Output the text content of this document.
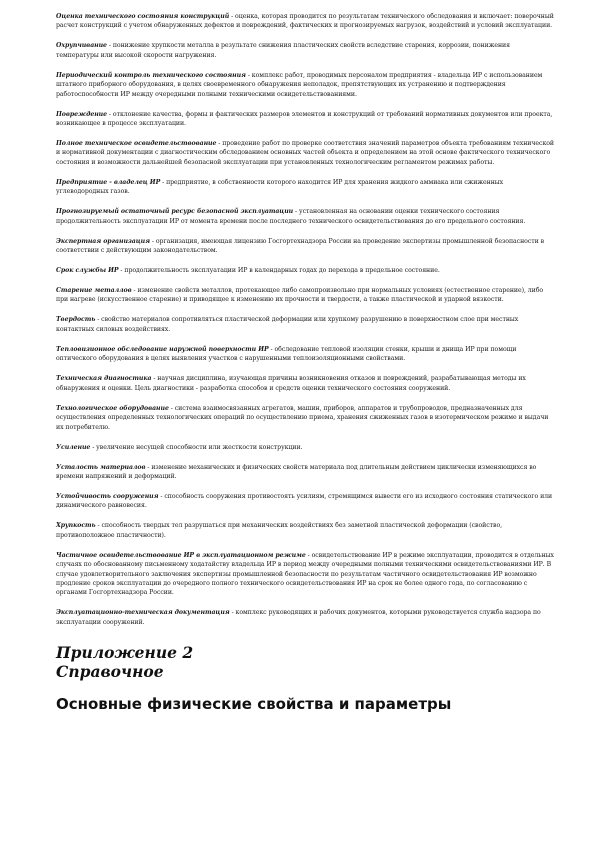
Оценка технического состояния конструкций - оценка, которая проводится по результатам технического обследования и включает: поверочный расчет конструкций с учетом обнаруженных дефектов и повреждений, фактических и прогнозируемых нагрузок, воздействий и условий эксплуатации.

Охрупчивание - понижение хрупкости металла в результате снижения пластических свойств вследствие старения, коррозии, понижения температуры или высокой скорости нагружения.

Периодический контроль технического состояния - комплекс работ, проводимых персоналом предприятия - владельца ИР с использованием штатного приборного оборудования, в целях своевременного обнаружения неполадок, препятствующих их устранению и подтверждения работоспособности ИР между очередными полными техническими освидетельствованиями.

Повреждение - отклонение качества, формы и фактических размеров элементов и конструкций от требований нормативных документов или проекта, возникающее в процессе эксплуатации.

Полное техническое освидетельствование - проведение работ по проверке соответствия значений параметров объекта требованиям технической и нормативной документации с диагностическим обследованием основных частей объекта и определением на этой основе фактического технического состояния и возможности дальнейшей безопасной эксплуатации при установленных технологическим регламентом режимах работы.

Предприятие - владелец ИР - предприятие, в собственности которого находится ИР для хранения жидкого аммиака или сжиженных углеводородных газов.

Прогнозируемый остаточный ресурс безопасной эксплуатации - установленная на основании оценки технического состояния продолжительность эксплуатации ИР от момента времени после последнего технического освидетельствования до его предельного состояния.

Экспертная организация - организация, имеющая лицензию Госгортехнадзора России на проведение экспертизы промышленной безопасности в соответствии с действующим законодательством.

Срок службы ИР - продолжительность эксплуатации ИР в календарных годах до перехода в предельное состояние.

Старение металлов - изменение свойств металлов, протекающее либо самопроизвольно при нормальных условиях (естественное старение), либо при нагреве (искусственное старение) и приводящее к изменению их прочности и твердости, а также пластической и ударной вязкости.

Твердость - свойство материалов сопротивляться пластической деформации или хрупкому разрушению в поверхностном слое при местных контактных силовых воздействиях.

Тепловизионное обследование наружной поверхности ИР - обследование тепловой изоляции стенки, крыши и днища ИР при помощи оптического оборудования в целях выявления участков с нарушенными теплоизоляционными свойствами.

Техническая диагностика - научная дисциплина, изучающая причины возникновения отказов и повреждений, разрабатывающая методы их обнаружения и оценки. Цель диагностики - разработка способов и средств оценки технического состояния сооружений.

Технологическое оборудование - система взаимосвязанных агрегатов, машин, приборов, аппаратов и трубопроводов, предназначенных для осуществления определенных технологических операций по осуществлению приема, хранения сжиженных газов в изотермическом режиме и выдачи их потребителю.

Усиление - увеличение несущей способности или жесткости конструкции.

Усталость материалов - изменение механических и физических свойств материала под длительным действием циклически изменяющихся во времени напряжений и деформаций.

Устойчивость сооружения - способность сооружения противостоять усилиям, стремящимся вывести его из исходного состояния статического или динамического равновесия.

Хрупкость - способность твердых тел разрушаться при механических воздействиях без заметной пластической деформации (свойство, противоположное пластичности).

Частичное освидетельствование ИР в эксплуатационном режиме - освидетельствование ИР в режиме эксплуатации, проводится в отдельных случаях по обоснованному письменному ходатайству владельца ИР в период между очередными полными техническими освидетельствованиями ИР. В случае удовлетворительного заключения экспертизы промышленной безопасности по результатам частичного освидетельствования ИР возможно продление сроков эксплуатации до очередного полного технического освидетельствования ИР на срок не более одного года, по согласованию с органами Госгортехнадзора России.

Эксплуатационно-техническая документация - комплекс руководящих и рабочих документов, которыми руководствуется служба надзора по эксплуатации сооружений.

Приложение 2
Справочное
Основные физические свойства и параметры
